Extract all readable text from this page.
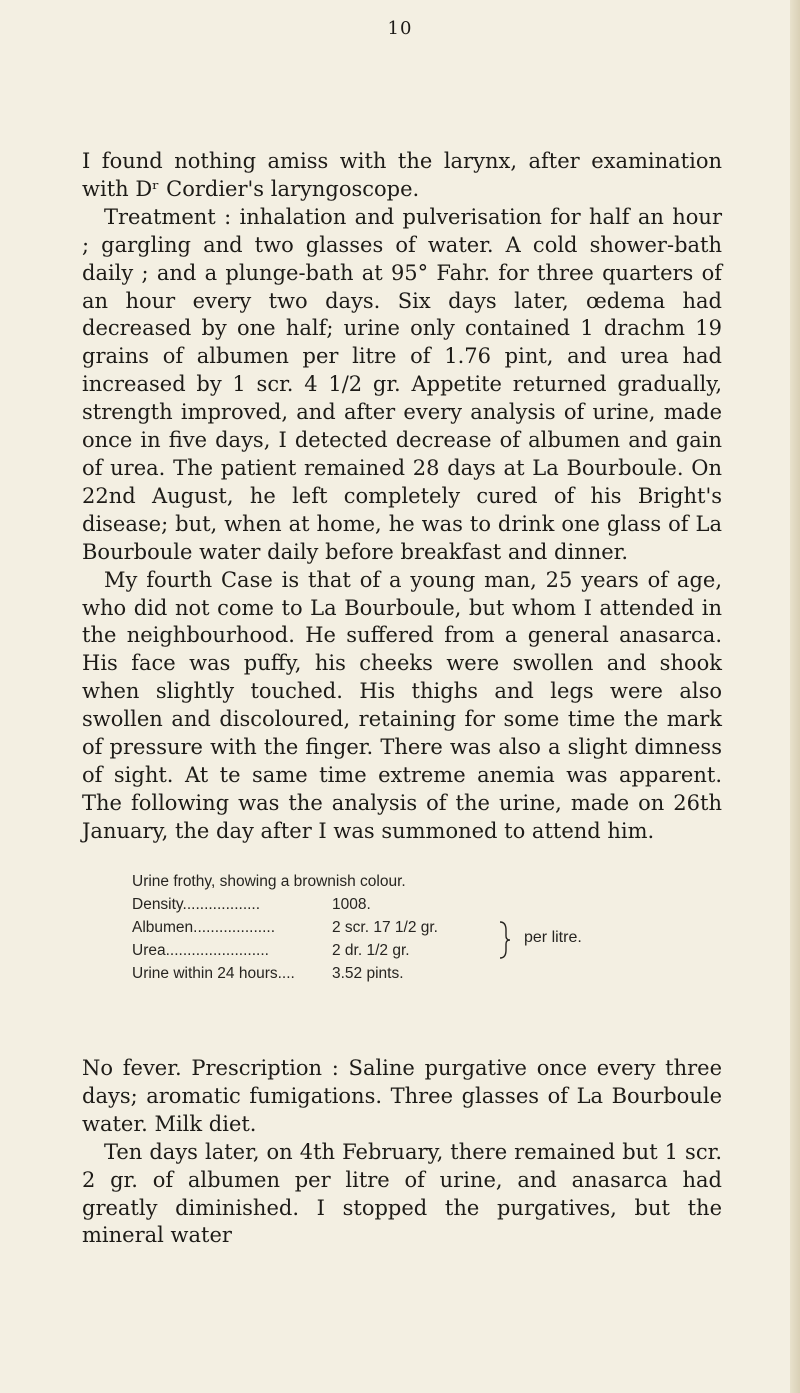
10

I found nothing amiss with the larynx, after examination with Dʳ Cordier's laryngoscope.

Treatment : inhalation and pulverisation for half an hour ; gargling and two glasses of water. A cold shower-bath daily ; and a plunge-bath at 95° Fahr. for three quarters of an hour every two days. Six days later, œdema had decreased by one half; urine only contained 1 drachm 19 grains of albumen per litre of 1.76 pint, and urea had increased by 1 scr. 4 1/2 gr. Appetite returned gradually, strength improved, and after every analysis of urine, made once in five days, I detected decrease of albumen and gain of urea. The patient remained 28 days at La Bourboule. On 22nd August, he left completely cured of his Bright's disease; but, when at home, he was to drink one glass of La Bourboule water daily before breakfast and dinner.

My fourth Case is that of a young man, 25 years of age, who did not come to La Bourboule, but whom I attended in the neighbourhood. He suffered from a general anasarca. His face was puffy, his cheeks were swollen and shook when slightly touched. His thighs and legs were also swollen and discoloured, retaining for some time the mark of pressure with the finger. There was also a slight dimness of sight. At te same time extreme anemia was apparent. The following was the analysis of the urine, made on 26th January, the day after I was summoned to attend him.

Urine frothy, showing a brownish colour.
Density..................	1008.
Albumen...................	2 scr. 17 1/2 gr.
Urea........................	2 dr. 1/2 gr.
per litre.
Urine within 24 hours....	3.52 pints.

No fever. Prescription : Saline purgative once every three days; aromatic fumigations. Three glasses of La Bourboule water. Milk diet.

Ten days later, on 4th February, there remained but 1 scr. 2 gr. of albumen per litre of urine, and anasarca had greatly diminished. I stopped the purgatives, but the mineral water
